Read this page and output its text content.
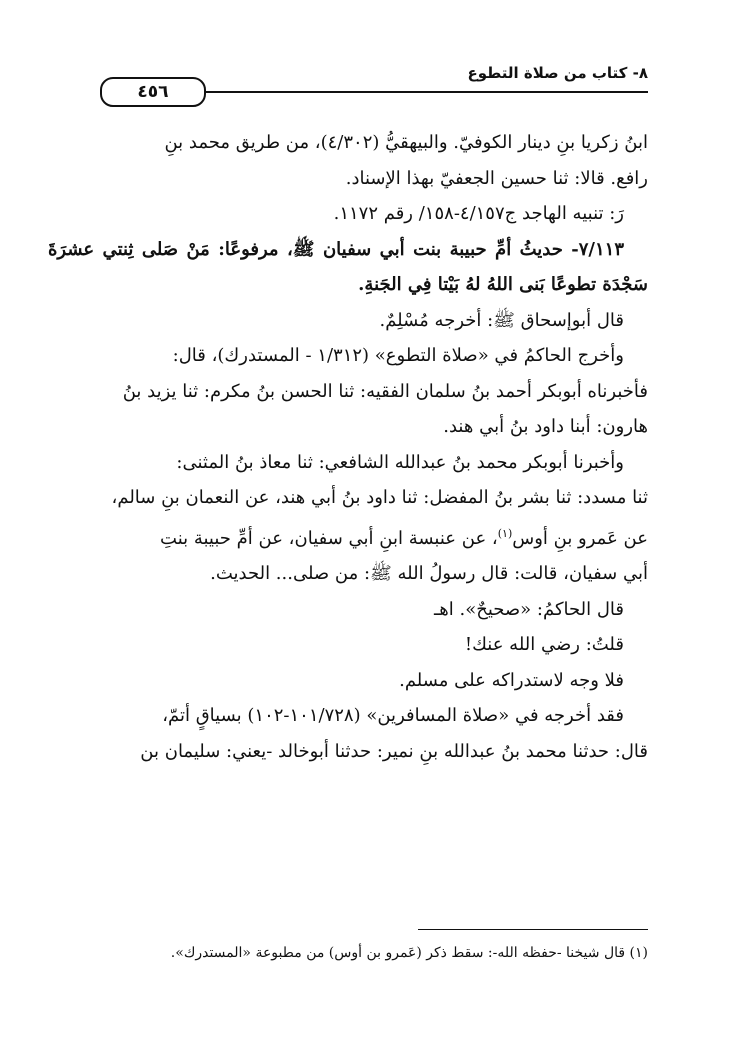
٨- كتاب من صلاة التطوع
٤٥٦

ابنُ زكريا بنِ دينار الكوفيّ. والبيهقيُّ (٤/٣٠٢)، من طريق محمد بنِ

رافع. قالا: ثنا حسين الجعفيّ بهذا الإسناد.

رَ: تنبيه الهاجد ج٤/١٥٧-١٥٨/ رقم ١١٧٢.

٧/١١٣- حديثُ أمِّ حبيبة بنت أبي سفيان ﷺ، مرفوعًا: مَنْ صَلى ثِنتي عشرَةَ سَجْدَة تطوعًا بَنى اللهُ لهُ بَيْتا فِي الجَنةِ.

قال أبوإسحاق ﷺ: أخرجه مُسْلِمٌ.

وأخرج الحاكمُ في «صلاة التطوع» (١/٣١٢ - المستدرك)، قال:

فأخبرناه أبوبكر أحمد بنُ سلمان الفقيه: ثنا الحسن بنُ مكرم: ثنا يزيد بنُ

هارون: أبنا داود بنُ أبي هند.

وأخبرنا أبوبكر محمد بنُ عبدالله الشافعي: ثنا معاذ بنُ المثنى:

ثنا مسدد: ثنا بشر بنُ المفضل: ثنا داود بنُ أبي هند، عن النعمان بنِ سالم،

عن عَمرو بنِ أوس$^{(١)}$، عن عنبسة ابنِ أبي سفيان، عن أمِّ حبيبة بنتِ

أبي سفيان، قالت: قال رسولُ الله ﷺ: من صلى... الحديث.

قال الحاكمُ: «صحيحٌ». اهـ

قلتُ: رضي الله عنك!

فلا وجه لاستدراكه على مسلم.

فقد أخرجه في «صلاة المسافرين» (١٠١/٧٢٨-١٠٢) بسياقٍ أتمّ،

قال: حدثنا محمد بنُ عبدالله بنِ نمير: حدثنا أبوخالد -يعني: سليمان بن

(١) قال شيخنا -حفظه الله-: سقط ذكر (عَمرو بن أوس) من مطبوعة «المستدرك».
